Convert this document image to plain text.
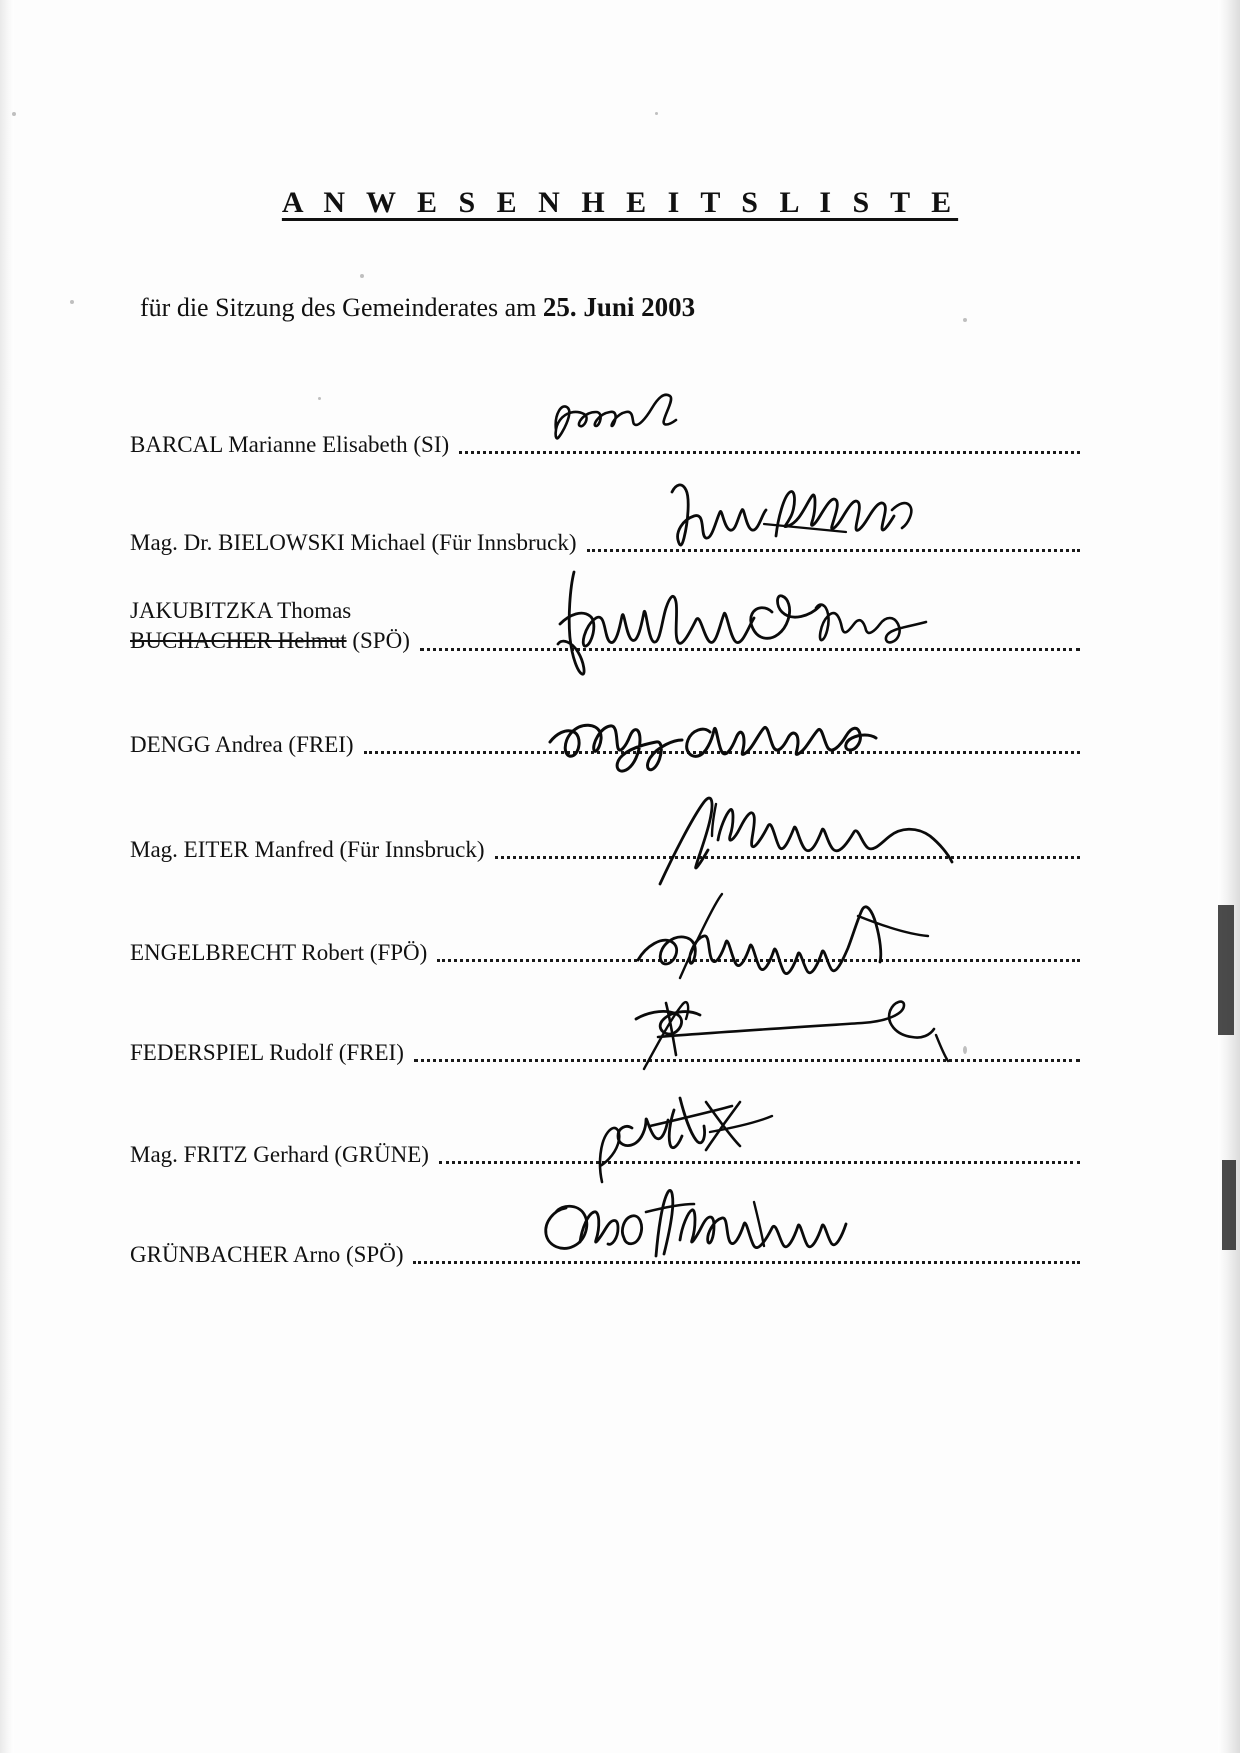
A N W E S E N H E I T S L I S T E
für die Sitzung des Gemeinderates am 25. Juni 2003
BARCAL Marianne Elisabeth (SI)
Mag. Dr. BIELOWSKI Michael (Für Innsbruck)
JAKUBITZKA Thomas
BUCHACHER Helmut (SPÖ)
DENGG Andrea (FREI)
Mag. EITER Manfred (Für Innsbruck)
ENGELBRECHT Robert (FPÖ)
FEDERSPIEL Rudolf (FREI)
Mag. FRITZ Gerhard (GRÜNE)
GRÜNBACHER Arno (SPÖ)
